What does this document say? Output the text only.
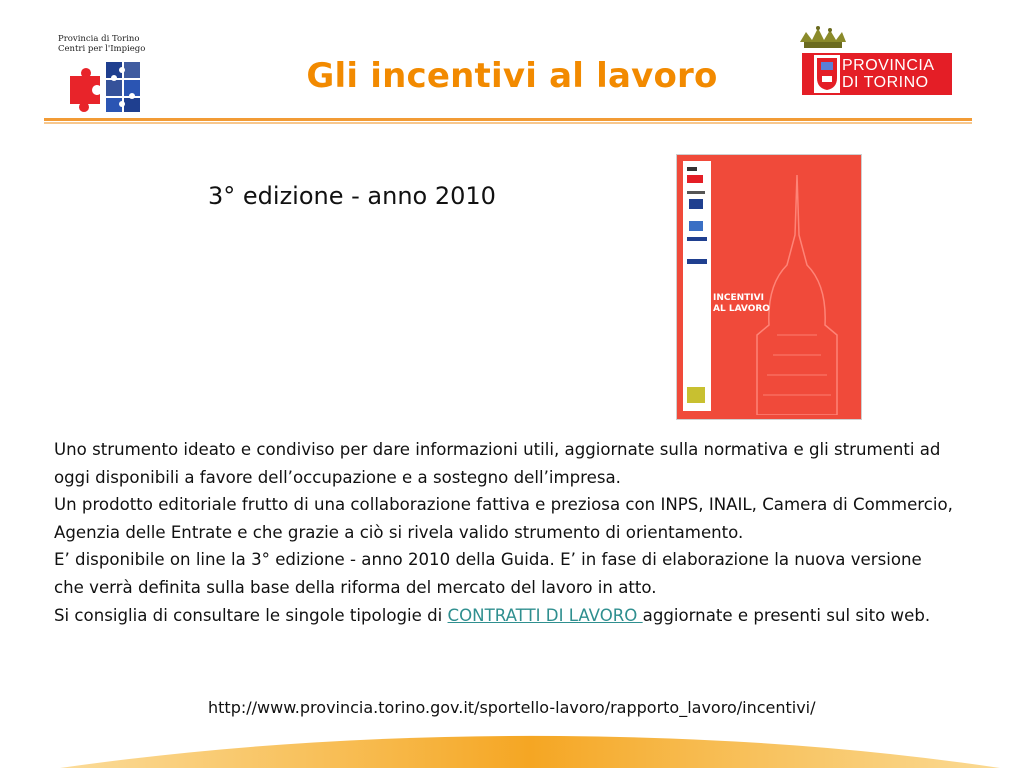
Provincia di Torino
Centri per l'Impiego
Gli incentivi al lavoro	PROVINCIA
DI TORINO
3° edizione - anno 2010
INCENTIVI
AL LAVORO

Uno strumento ideato e condiviso per dare informazioni utili, aggiornate sulla normativa e gli strumenti ad oggi disponibili a favore dell’occupazione e a sostegno dell’impresa.

Un prodotto editoriale frutto di una collaborazione fattiva e preziosa con INPS, INAIL, Camera di Commercio, Agenzia delle Entrate e che grazie a ciò si rivela valido strumento di orientamento.

E’ disponibile on line la 3° edizione - anno 2010 della Guida. E’ in fase di elaborazione la nuova versione che verrà definita sulla base della riforma del mercato del lavoro in atto.

Si consiglia di consultare le singole tipologie di CONTRATTI DI LAVORO aggiornate e presenti sul sito web.

http://www.provincia.torino.gov.it/sportello-lavoro/rapporto_lavoro/incentivi/
